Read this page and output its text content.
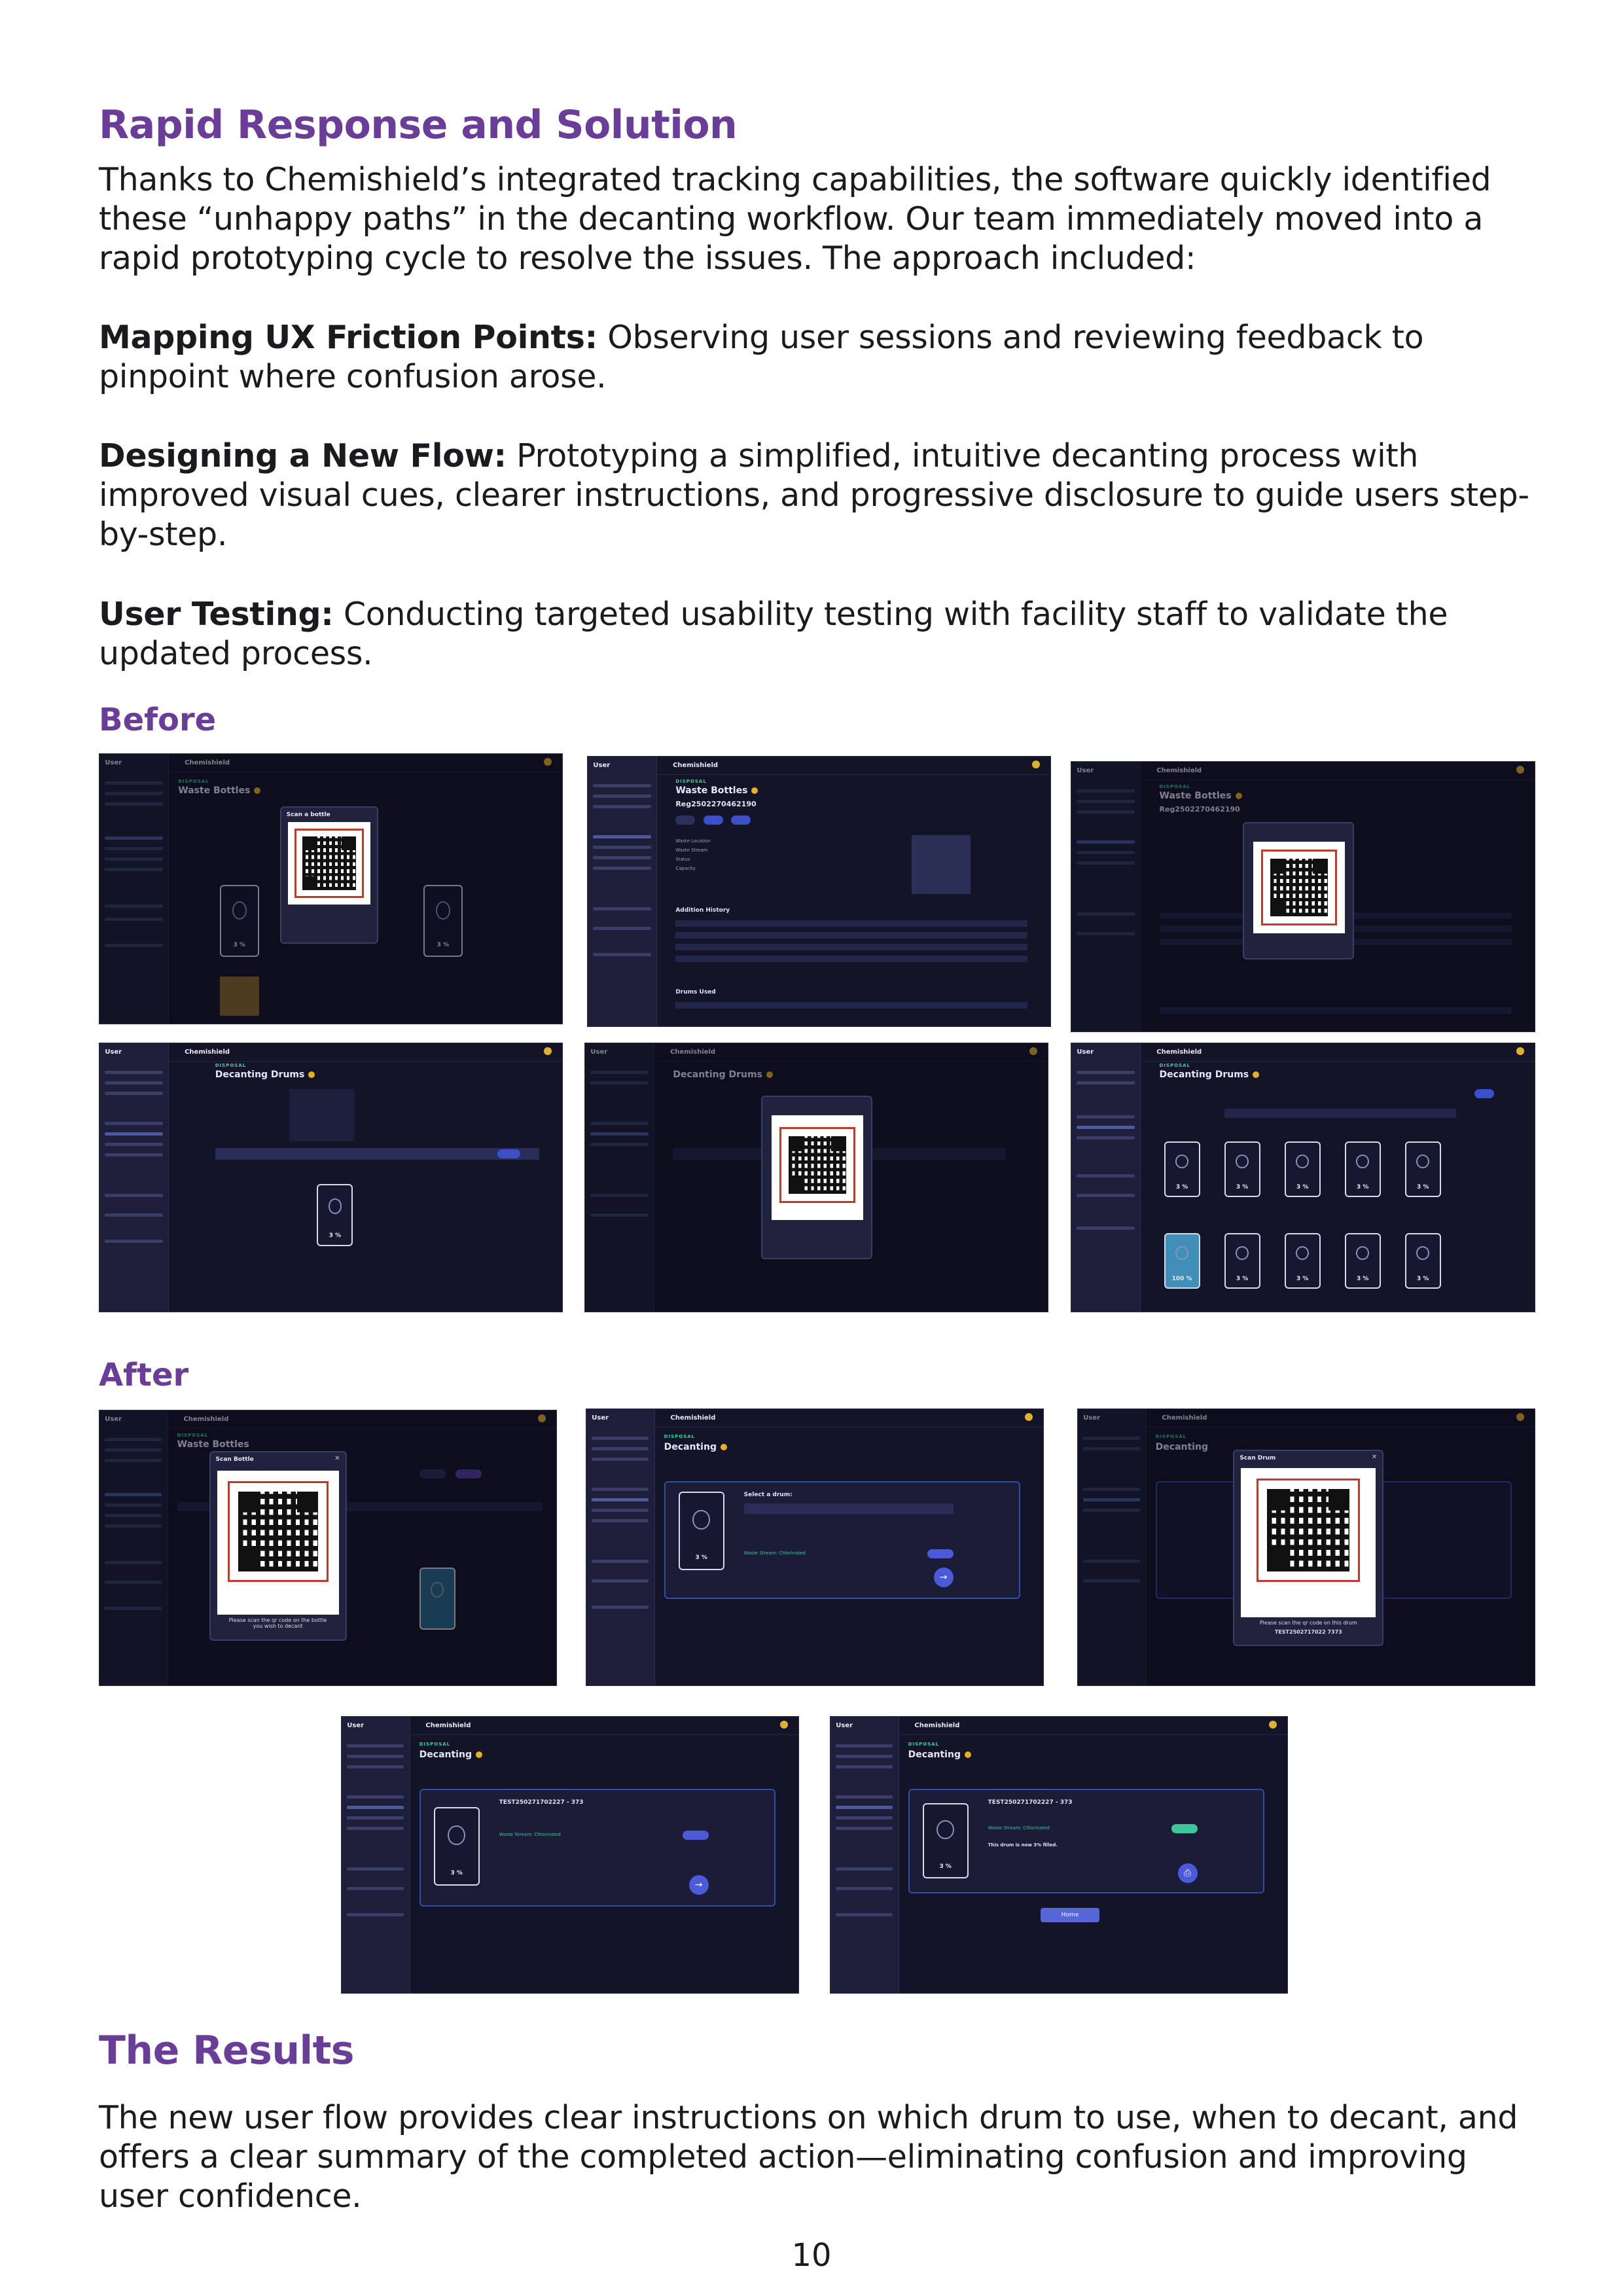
Rapid Response and Solution

Thanks to Chemishield’s integrated tracking capabilities, the software quickly identified these “unhappy paths” in the decanting workflow. Our team immediately moved into a rapid prototyping cycle to resolve the issues. The approach included:

Mapping UX Friction Points: Observing user sessions and reviewing feedback to pinpoint where confusion arose.

Designing a New Flow: Prototyping a simplified, intuitive decanting process with improved visual cues, clearer instructions, and progressive disclosure to guide users step-by-step.

User Testing: Conducting targeted usability testing with facility staff to validate the updated process.

Before
User	Chemishield
DISPOSAL
Waste Bottles
3 %	3 %
Scan a bottle
User	Chemishield
DISPOSAL
Waste Bottles
Reg2502270462190
Waste Location
Waste Stream
Status
Capacity
Addition History
Drums Used
User	Chemishield
DISPOSAL
Waste Bottles
Reg2502270462190
User	Chemishield
DISPOSAL
Decanting Drums
3 %
User	Chemishield
Decanting Drums
User	Chemishield
DISPOSAL
Decanting Drums
3 %	3 %	3 %	3 %	3 %
100 %	3 %	3 %	3 %	3 %
After
User	Chemishield
DISPOSAL
Waste Bottles
Scan Bottle	✕
Please scan the qr code on the bottle you wish to decant
User	Chemishield
DISPOSAL
Decanting
3 %
Select a drum:
Waste Stream: Chlorinated
→
User	Chemishield
DISPOSAL
Decanting
Scan Drum	✕
Please scan the qr code on this drum
TEST2502717022 7373
User	Chemishield
DISPOSAL
Decanting
3 %
TEST250271702227 - 373
Waste Stream: Chlorinated
→
User	Chemishield
DISPOSAL
Decanting
3 %
TEST250271702227 - 373
Waste Stream: Chlorinated
This drum is now 3% filled.
⎙
Home
The Results

The new user flow provides clear instructions on which drum to use, when to decant, and offers a clear summary of the completed action—eliminating confusion and improving user confidence.

10
